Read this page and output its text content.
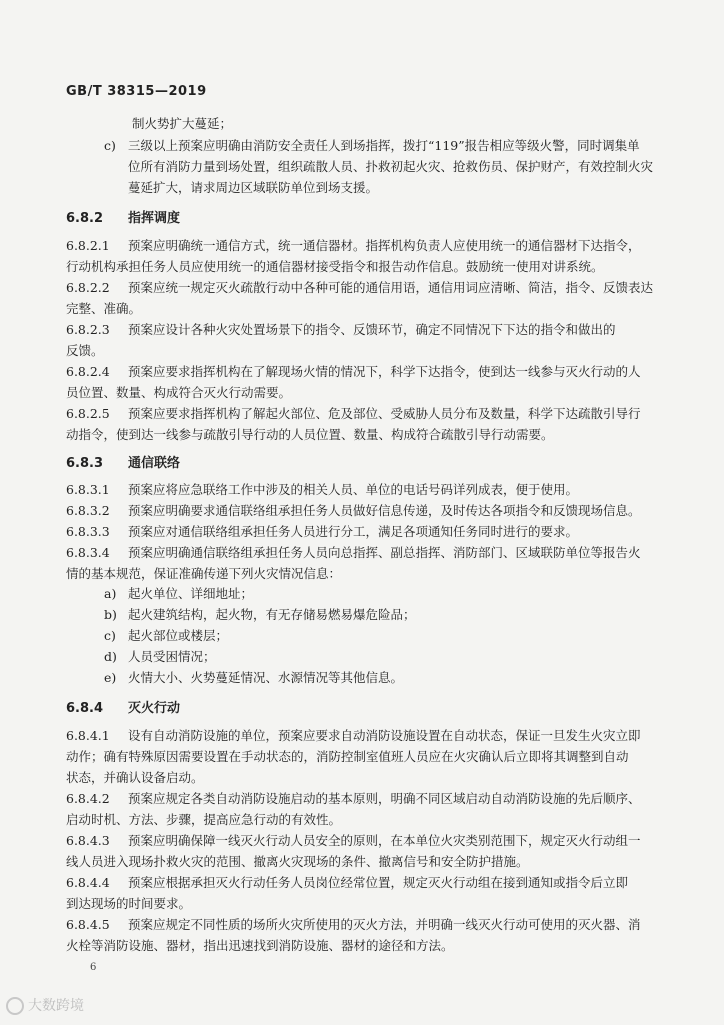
GB/T 38315—2019
制火势扩大蔓延；
c) 三级以上预案应明确由消防安全责任人到场指挥，拨打“119”报告相应等级火警，同时调集单
位所有消防力量到场处置，组织疏散人员、扑救初起火灾、抢救伤员、保护财产，有效控制火灾
蔓延扩大，请求周边区域联防单位到场支援。
6.8.2 指挥调度
6.8.2.1 预案应明确统一通信方式，统一通信器材。指挥机构负责人应使用统一的通信器材下达指令，
行动机构承担任务人员应使用统一的通信器材接受指令和报告动作信息。鼓励统一使用对讲系统。
6.8.2.2 预案应统一规定灭火疏散行动中各种可能的通信用语，通信用词应清晰、简洁，指令、反馈表达
完整、准确。
6.8.2.3 预案应设计各种火灾处置场景下的指令、反馈环节，确定不同情况下下达的指令和做出的
反馈。
6.8.2.4 预案应要求指挥机构在了解现场火情的情况下，科学下达指令，使到达一线参与灭火行动的人
员位置、数量、构成符合灭火行动需要。
6.8.2.5 预案应要求指挥机构了解起火部位、危及部位、受威胁人员分布及数量，科学下达疏散引导行
动指令，使到达一线参与疏散引导行动的人员位置、数量、构成符合疏散引导行动需要。
6.8.3 通信联络
6.8.3.1 预案应将应急联络工作中涉及的相关人员、单位的电话号码详列成表，便于使用。
6.8.3.2 预案应明确要求通信联络组承担任务人员做好信息传递，及时传达各项指令和反馈现场信息。
6.8.3.3 预案应对通信联络组承担任务人员进行分工，满足各项通知任务同时进行的要求。
6.8.3.4 预案应明确通信联络组承担任务人员向总指挥、副总指挥、消防部门、区域联防单位等报告火
情的基本规范，保证准确传递下列火灾情况信息：
a) 起火单位、详细地址；
b) 起火建筑结构，起火物，有无存储易燃易爆危险品；
c) 起火部位或楼层；
d) 人员受困情况；
e) 火情大小、火势蔓延情况、水源情况等其他信息。
6.8.4 灭火行动
6.8.4.1 设有自动消防设施的单位，预案应要求自动消防设施设置在自动状态，保证一旦发生火灾立即
动作；确有特殊原因需要设置在手动状态的，消防控制室值班人员应在火灾确认后立即将其调整到自动
状态，并确认设备启动。
6.8.4.2 预案应规定各类自动消防设施启动的基本原则，明确不同区域启动自动消防设施的先后顺序、
启动时机、方法、步骤，提高应急行动的有效性。
6.8.4.3 预案应明确保障一线灭火行动人员安全的原则，在本单位火灾类别范围下，规定灭火行动组一
线人员进入现场扑救火灾的范围、撤离火灾现场的条件、撤离信号和安全防护措施。
6.8.4.4 预案应根据承担灭火行动任务人员岗位经常位置，规定灭火行动组在接到通知或指令后立即
到达现场的时间要求。
6.8.4.5 预案应规定不同性质的场所火灾所使用的灭火方法，并明确一线灭火行动可使用的灭火器、消
火栓等消防设施、器材，指出迅速找到消防设施、器材的途径和方法。
6
大数跨境
